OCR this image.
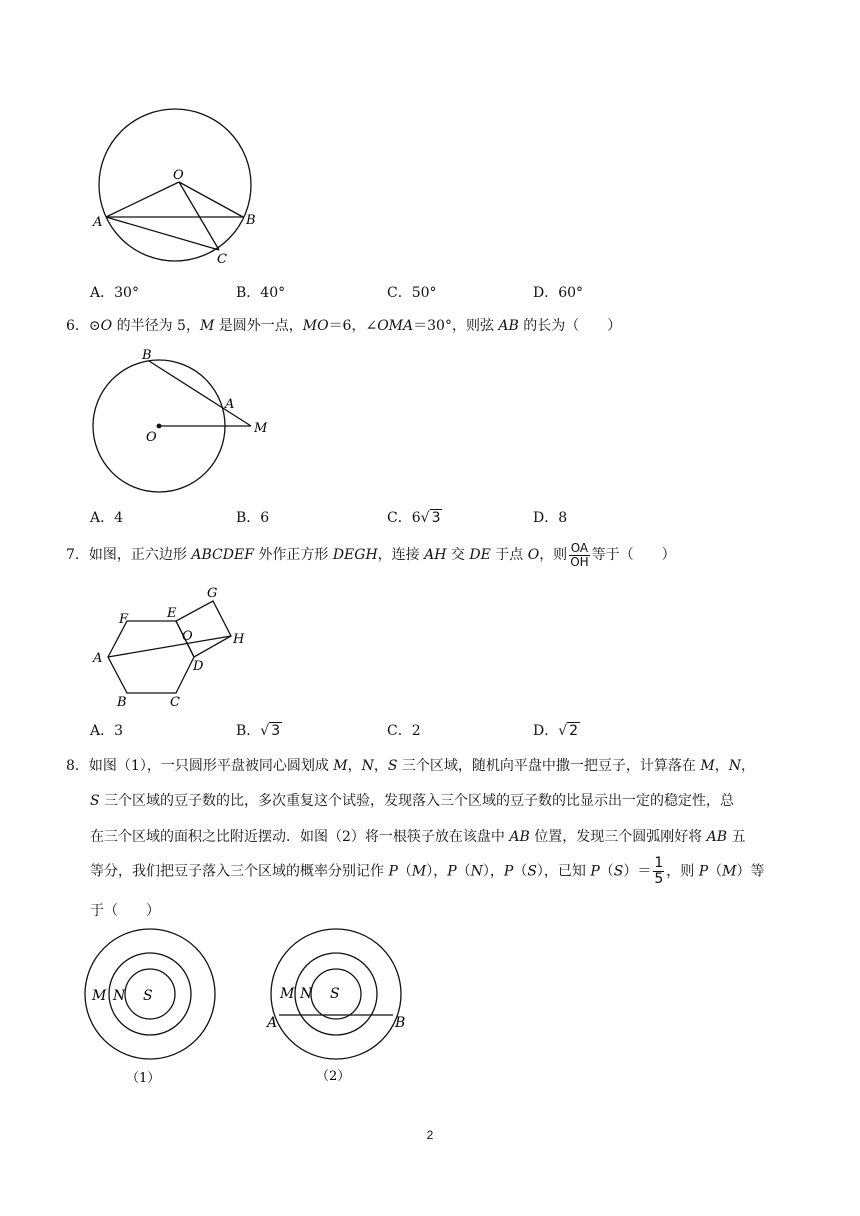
O
A	B
C
A．30°	B．40°	C．50°	D．60°
6．⊙O 的半径为 5，M 是圆外一点，MO＝6，∠OMA＝30°，则弦 AB 的长为（　　）
B
A
O
M
A．4	B．6	C．6√ 3	D．8
7．如图，正六边形 ABCDEF 外作正方形 DEGH，连接 AH 交 DE 于点 O，则 $\frac{OA}{OH}$ 等于（　　）
F	E
G
O	H
A
D
B	C
A．3	B．√ 3	C．2	D．√ 2
8．如图（1），一只圆形平盘被同心圆划成 M，N，S 三个区域，随机向平盘中撒一把豆子，计算落在 M，N，
S 三个区域的豆子数的比，多次重复这个试验，发现落入三个区域的豆子数的比显示出一定的稳定性，总
在三个区域的面积之比附近摆动．如图（2）将一根筷子放在该盘中 AB 位置，发现三个圆弧刚好将 AB 五
等分，我们把豆子落入三个区域的概率分别记作 P（M），P（N），P（S），已知 $P(S)= \frac{1}{5}$ ，则 P（M）等
于（　　）
M N S
（1）
M N S
A	B
（2）
2
